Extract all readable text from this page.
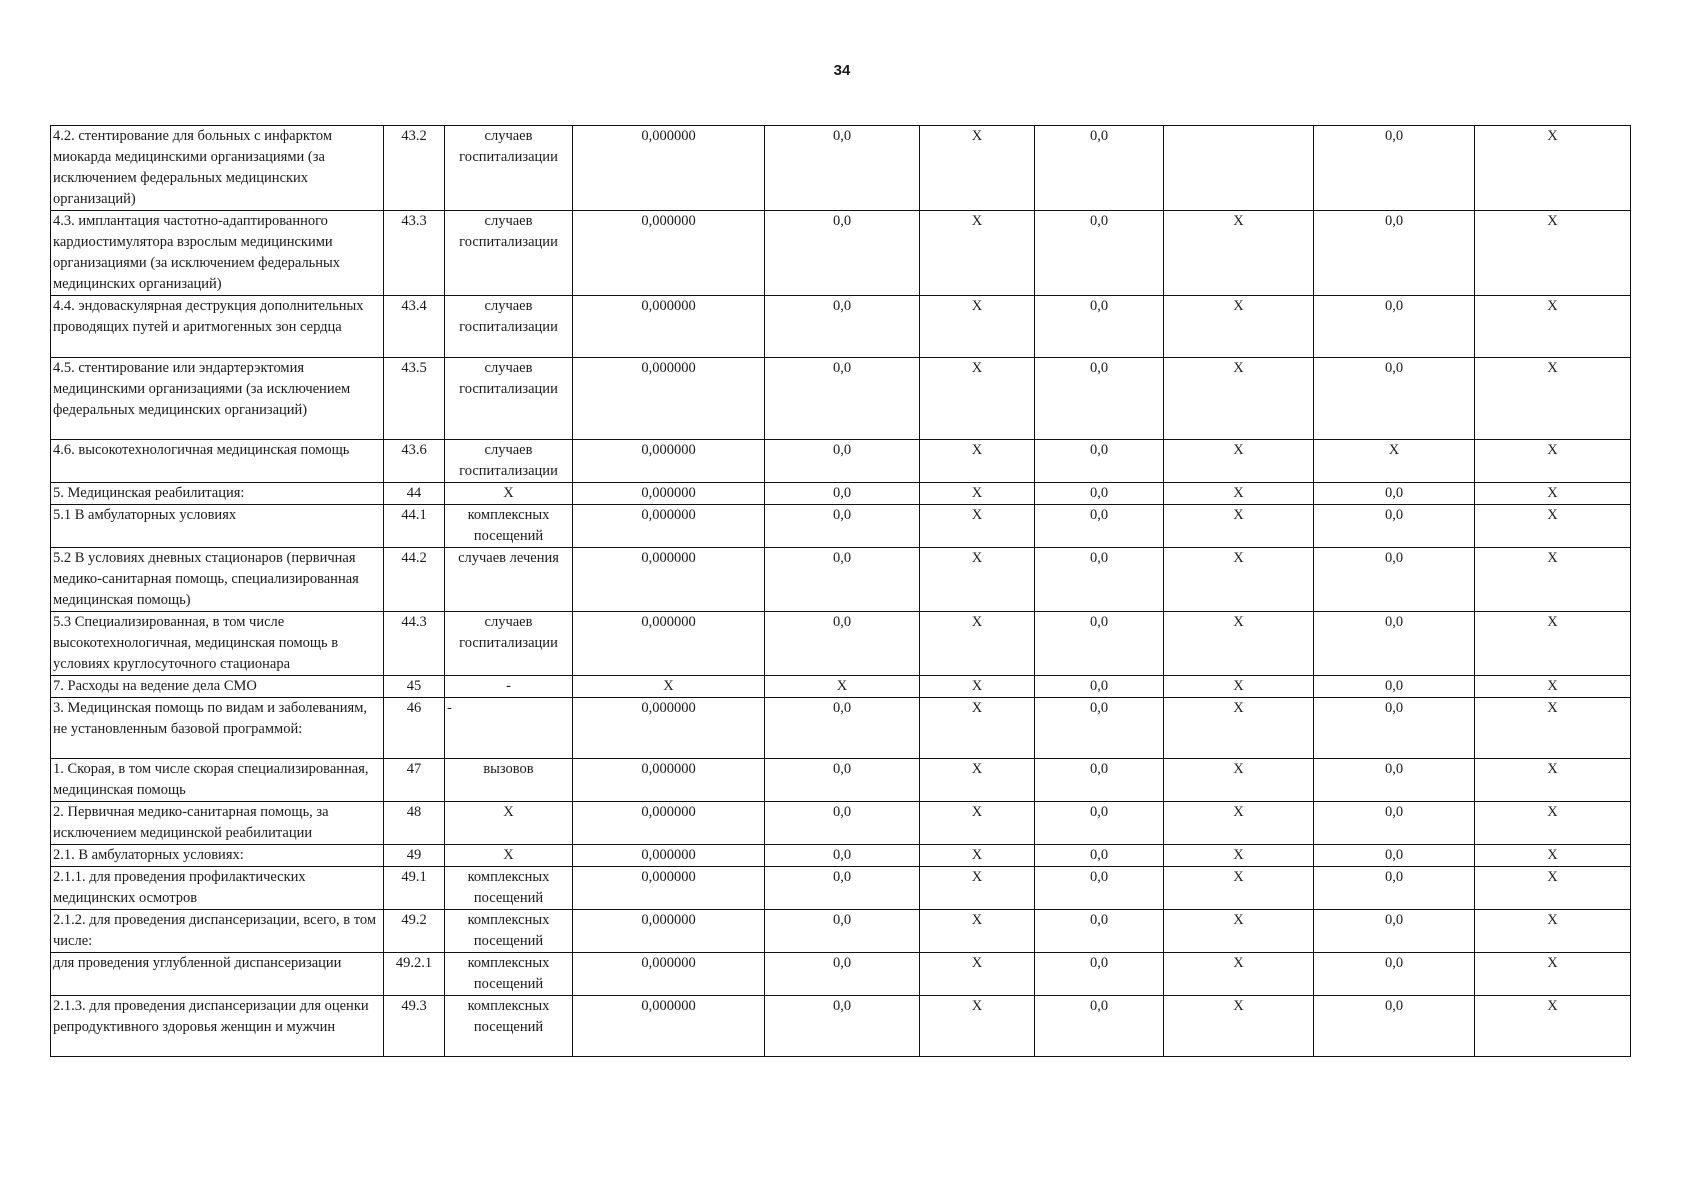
34
4.2. стентирование для больных с инфарктом миокарда медицинскими организациями (за исключением федеральных медицинских организаций)	43.2	случаев госпитализации	0,000000	0,0	X	0,0		0,0	X
4.3. имплантация частотно-адаптированного кардиостимулятора взрослым медицинскими организациями (за исключением федеральных медицинских организаций)	43.3	случаев госпитализации	0,000000	0,0	X	0,0	X	0,0	X
4.4. эндоваскулярная деструкция дополнительных проводящих путей и аритмогенных зон сердца	43.4	случаев госпитализации	0,000000	0,0	X	0,0	X	0,0	X
4.5. стентирование или эндартерэктомия медицинскими организациями (за исключением федеральных медицинских организаций)	43.5	случаев госпитализации	0,000000	0,0	X	0,0	X	0,0	X
4.6. высокотехнологичная медицинская помощь	43.6	случаев госпитализации	0,000000	0,0	X	0,0	X	X	X
5. Медицинская реабилитация:	44	X	0,000000	0,0	X	0,0	X	0,0	X
5.1 В амбулаторных условиях	44.1	комплексных посещений	0,000000	0,0	X	0,0	X	0,0	X
5.2 В условиях дневных стационаров (первичная медико-санитарная помощь, специализированная медицинская помощь)	44.2	случаев лечения	0,000000	0,0	X	0,0	X	0,0	X
5.3 Специализированная, в том числе высокотехнологичная, медицинская помощь в условиях круглосуточного стационара	44.3	случаев госпитализации	0,000000	0,0	X	0,0	X	0,0	X
7. Расходы на ведение дела СМО	45	-	X	X	X	0,0	X	0,0	X
3. Медицинская помощь по видам и заболеваниям, не установленным базовой программой:	46	-	0,000000	0,0	X	0,0	X	0,0	X
1. Скорая, в том числе скорая специализированная, медицинская помощь	47	вызовов	0,000000	0,0	X	0,0	X	0,0	X
2. Первичная медико-санитарная помощь, за исключением медицинской реабилитации	48	X	0,000000	0,0	X	0,0	X	0,0	X
2.1. В амбулаторных условиях:	49	X	0,000000	0,0	X	0,0	X	0,0	X
2.1.1. для проведения профилактических медицинских осмотров	49.1	комплексных посещений	0,000000	0,0	X	0,0	X	0,0	X
2.1.2. для проведения диспансеризации, всего, в том числе:	49.2	комплексных посещений	0,000000	0,0	X	0,0	X	0,0	X
для проведения углубленной диспансеризации	49.2.1	комплексных посещений	0,000000	0,0	X	0,0	X	0,0	X
2.1.3. для проведения диспансеризации для оценки репродуктивного здоровья женщин и мужчин	49.3	комплексных посещений	0,000000	0,0	X	0,0	X	0,0	X
